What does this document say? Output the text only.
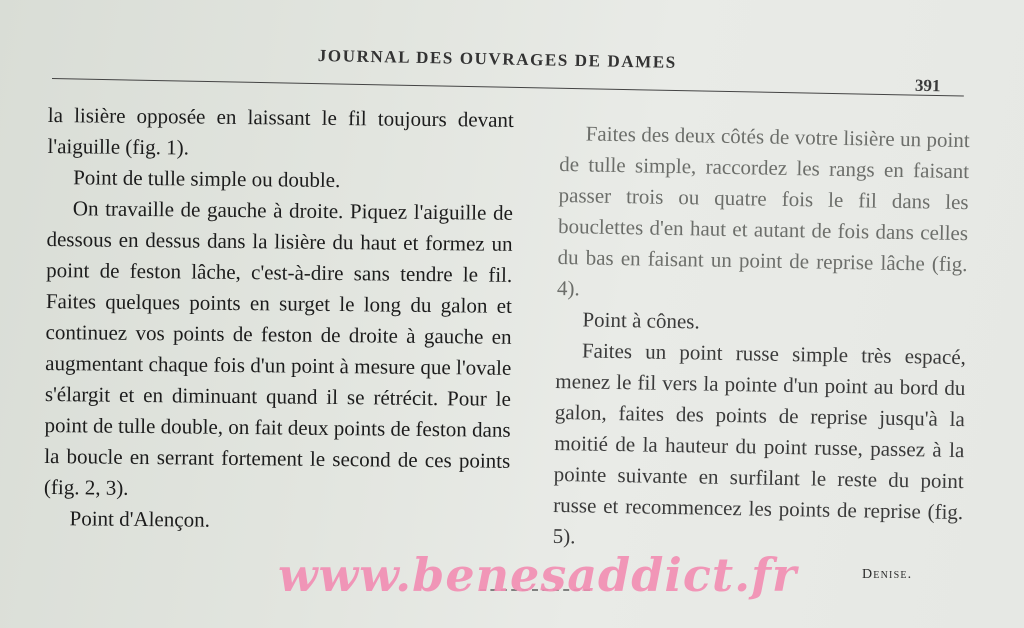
JOURNAL DES OUVRAGES DE DAMES
391

la lisière opposée en laissant le fil toujours devant l'aiguille (fig. 1).

Point de tulle simple ou double.

On travaille de gauche à droite. Piquez l'aiguille de dessous en dessus dans la lisière du haut et formez un point de feston lâche, c'est-à-dire sans tendre le fil. Faites quelques points en surget le long du galon et continuez vos points de feston de droite à gauche en augmentant chaque fois d'un point à mesure que l'ovale s'élargit et en diminuant quand il se rétrécit. Pour le point de tulle double, on fait deux points de feston dans la boucle en serrant fortement le second de ces points (fig. 2, 3).

Point d'Alençon.

Faites des deux côtés de votre lisière un point de tulle simple, raccordez les rangs en faisant passer trois ou quatre fois le fil dans les bouclettes d'en haut et autant de fois dans celles du bas en faisant un point de reprise lâche (fig. 4).

Point à cônes.

Faites un point russe simple très espacé, menez le fil vers la pointe d'un point au bord du galon, faites des points de reprise jusqu'à la moitié de la hauteur du point russe, passez à la pointe suivante en surfilant le reste du point russe et recommencez les points de reprise (fig. 5).

Denise.
www.benesaddict.fr
